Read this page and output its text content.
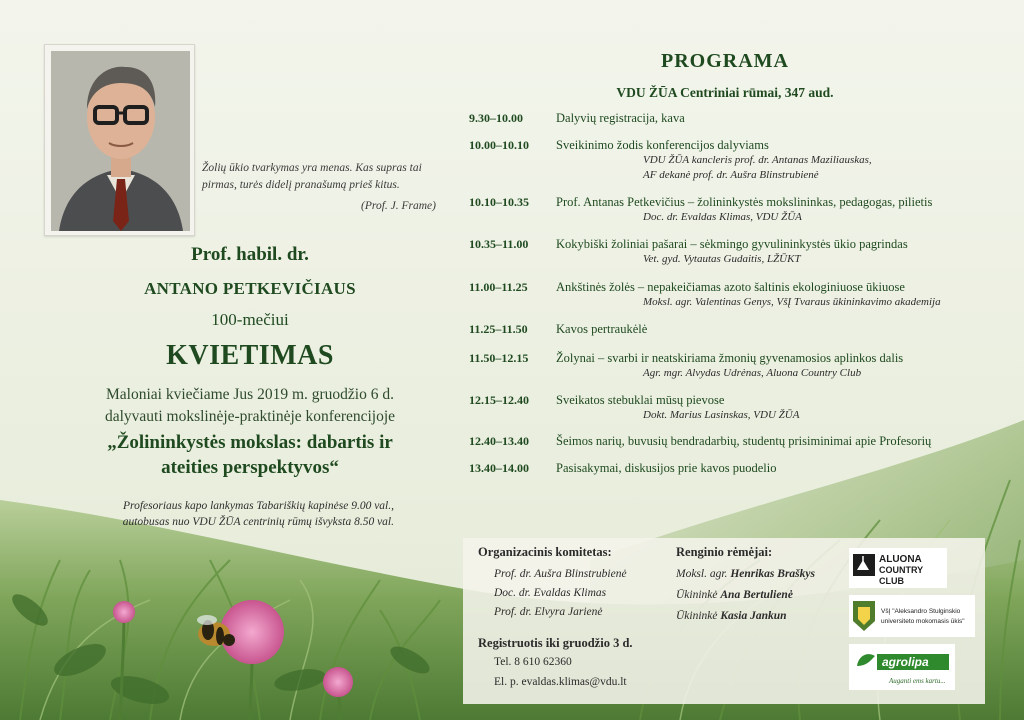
Žolių ūkio tvarkymas yra menas. Kas supras tai pirmas, turės didelį pranašumą prieš kitus.
(Prof. J. Frame)
Prof. habil. dr.
ANTANO PETKEVIČIAUS
100-mečiui
KVIETIMAS
Maloniai kviečiame Jus 2019 m. gruodžio 6 d.
dalyvauti mokslinėje-praktinėje konferencijoje
„Žolininkystės mokslas: dabartis ir
ateities perspektyvos“
Profesoriaus kapo lankymas Tabariškių kapinėse 9.00 val.,
autobusas nuo VDU ŽŪA centrinių rūmų išvyksta 8.50 val.
PROGRAMA
VDU ŽŪA Centriniai rūmai, 347 aud.
9.30–10.00	Dalyvių registracija, kava
10.00–10.10	Sveikinimo žodis konferencijos dalyviams
VDU ŽŪA kancleris prof. dr. Antanas Maziliauskas,
AF dekanė prof. dr. Aušra Blinstrubienė
10.10–10.35	Prof. Antanas Petkevičius – žolininkystės mokslininkas, pedagogas, pilietis
Doc. dr. Evaldas Klimas, VDU ŽŪA
10.35–11.00	Kokybiški žoliniai pašarai – sėkmingo gyvulininkystės ūkio pagrindas
Vet. gyd. Vytautas Gudaitis, LŽŪKT
11.00–11.25	Ankštinės žolės – nepakeičiamas azoto šaltinis ekologiniuose ūkiuose
Moksl. agr. Valentinas Genys, VšĮ Tvaraus ūkininkavimo akademija
11.25–11.50	Kavos pertraukėlė
11.50–12.15	Žolynai – svarbi ir neatskiriama žmonių gyvenamosios aplinkos dalis
Agr. mgr. Alvydas Udrėnas, Aluona Country Club
12.15–12.40	Sveikatos stebuklai mūsų pievose
Dokt. Marius Lasinskas, VDU ŽŪA
12.40–13.40	Šeimos narių, buvusių bendradarbių, studentų prisiminimai apie Profesorių
13.40–14.00	Pasisakymai, diskusijos prie kavos puodelio
Organizacinis komitetas:
Prof. dr. Aušra Blinstrubienė
Doc. dr. Evaldas Klimas
Prof. dr. Elvyra Jarienė
Registruotis iki gruodžio 3 d.
Tel. 8 610 62360
El. p. evaldas.klimas@vdu.lt
Renginio rėmėjai:
Moksl. agr. Henrikas Braškys
Ūkininkė Ana Bertulienė
Ūkininkė Kasia Jankun
ALUONA
COUNTRY
CLUB
VšĮ "Aleksandro Stulginskio
universiteto mokomasis ūkis"
agrolipa
Auganti ems kartu...
